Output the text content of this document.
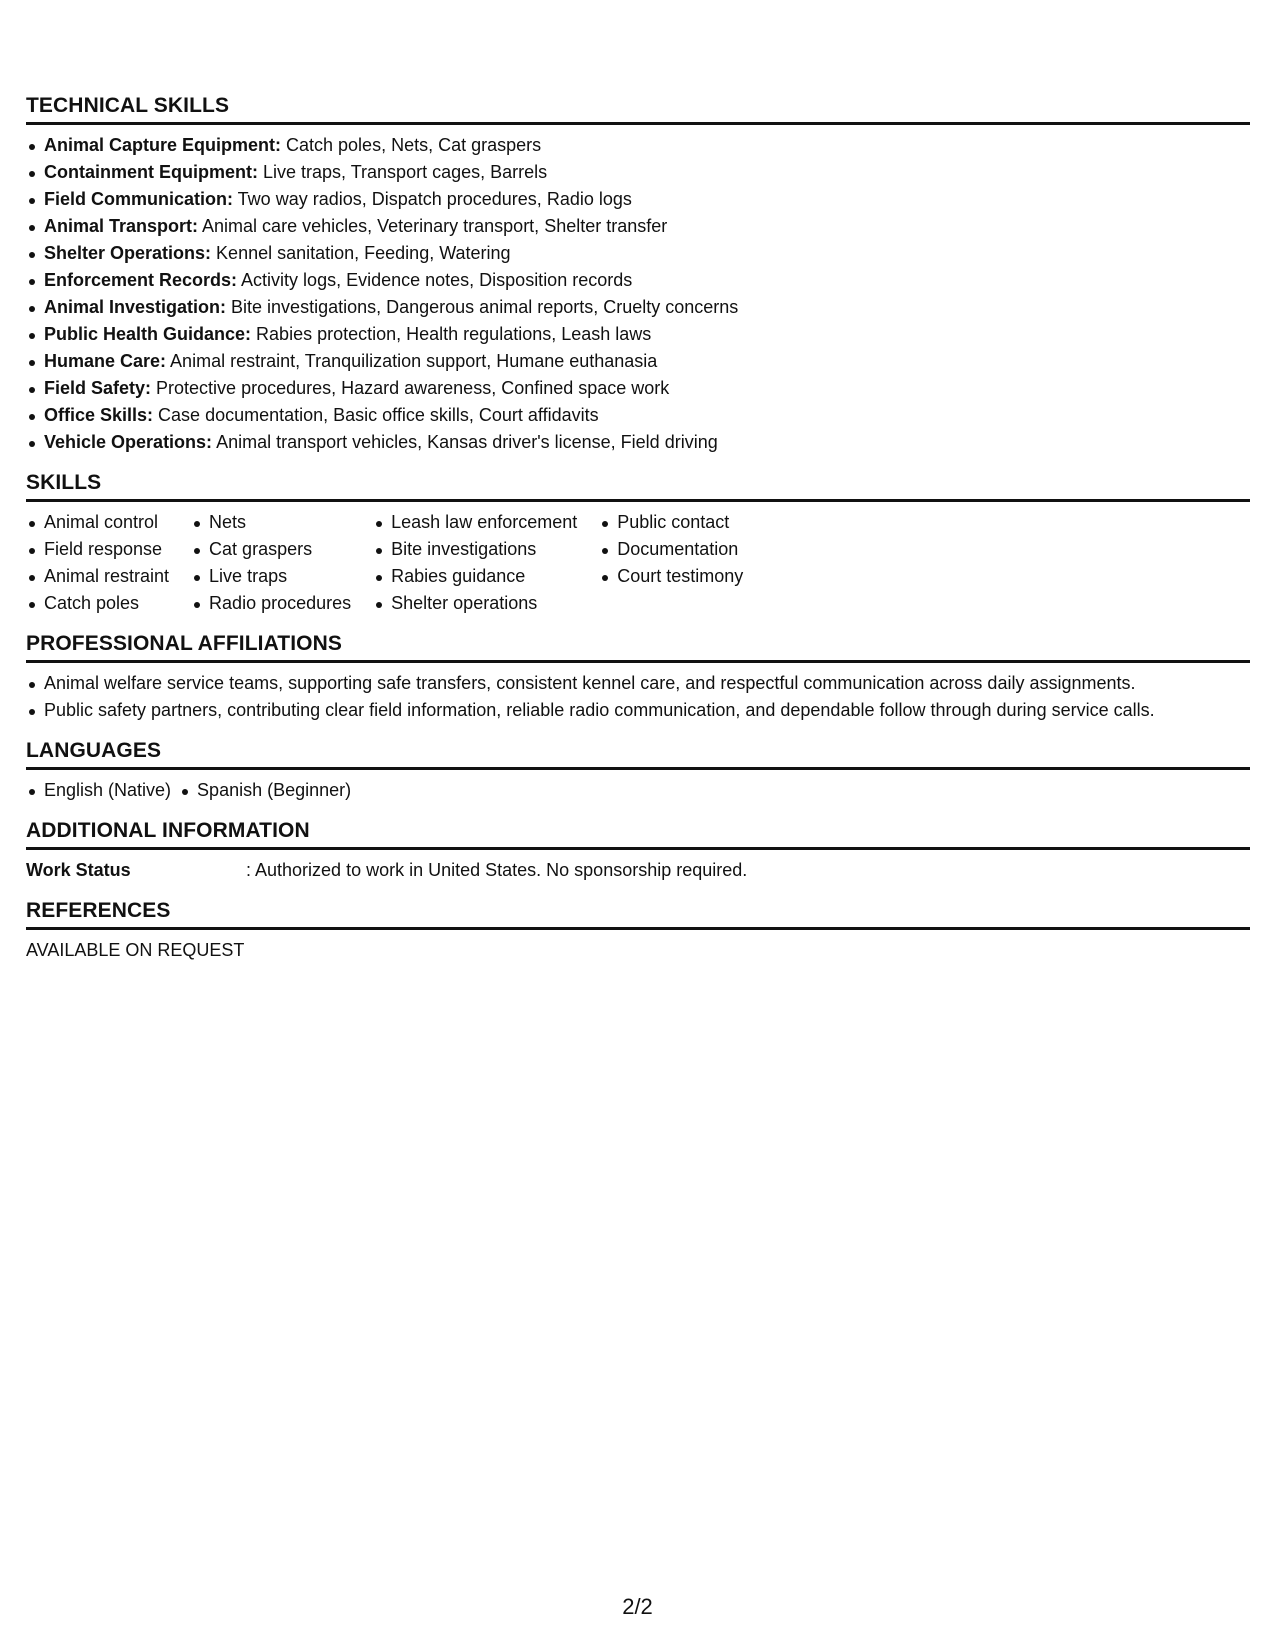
TECHNICAL SKILLS
Animal Capture Equipment: Catch poles, Nets, Cat graspers
Containment Equipment: Live traps, Transport cages, Barrels
Field Communication: Two way radios, Dispatch procedures, Radio logs
Animal Transport: Animal care vehicles, Veterinary transport, Shelter transfer
Shelter Operations: Kennel sanitation, Feeding, Watering
Enforcement Records: Activity logs, Evidence notes, Disposition records
Animal Investigation: Bite investigations, Dangerous animal reports, Cruelty concerns
Public Health Guidance: Rabies protection, Health regulations, Leash laws
Humane Care: Animal restraint, Tranquilization support, Humane euthanasia
Field Safety: Protective procedures, Hazard awareness, Confined space work
Office Skills: Case documentation, Basic office skills, Court affidavits
Vehicle Operations: Animal transport vehicles, Kansas driver's license, Field driving
SKILLS
Animal control
Field response
Animal restraint
Catch poles
Nets
Cat graspers
Live traps
Radio procedures
Leash law enforcement
Bite investigations
Rabies guidance
Shelter operations
Public contact
Documentation
Court testimony
PROFESSIONAL AFFILIATIONS
Animal welfare service teams, supporting safe transfers, consistent kennel care, and respectful communication across daily assignments.
Public safety partners, contributing clear field information, reliable radio communication, and dependable follow through during service calls.
LANGUAGES
English (Native) Spanish (Beginner)
ADDITIONAL INFORMATION
Work Status	: Authorized to work in United States. No sponsorship required.
REFERENCES
AVAILABLE ON REQUEST
2/2
